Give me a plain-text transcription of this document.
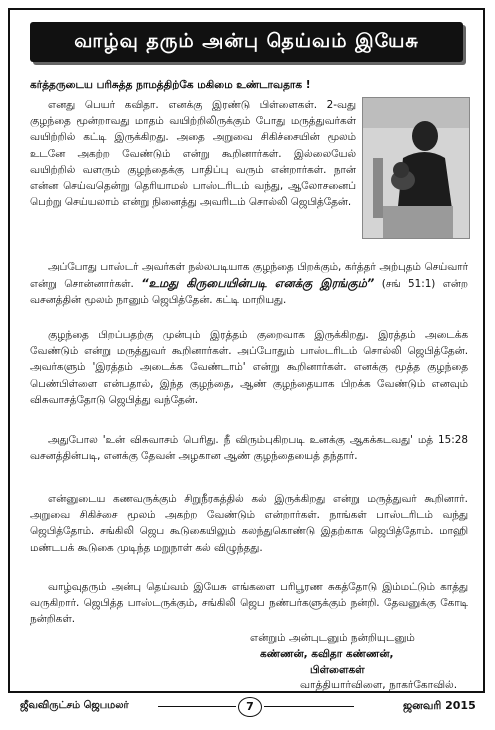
வாழ்வு தரும் அன்பு தெய்வம் இயேசு
கர்த்தருடைய பரிசுத்த நாமத்திற்கே மகிமை உண்டாவதாக !

எனது பெயர் கவிதா. எனக்கு இரண்டு பிள்ளைகள். 2-வது குழந்தை மூன்றாவது மாதம் வயிற்றிலிருக்கும் போது மருத்துவர்கள் வயிற்றில் கட்டி இருக்கிறது. அதை அறுவை சிகிச்சையின் மூலம் உடனே அகற்ற வேண்டும் என்று கூறினார்கள். இல்லையேல் வயிற்றில் வளரும் குழந்தைக்கு பாதிப்பு வரும் என்றார்கள். நான் என்ன செய்வதென்று தெரியாமல் பாஸ்டரிடம் வந்து, ஆலோசனைப் பெற்று செய்யலாம் என்று நினைத்து அவரிடம் சொல்லி ஜெபித்தேன்.

அப்போது பாஸ்டர் அவர்கள் நல்லபடியாக குழந்தை பிறக்கும், கர்த்தர் அற்புதம் செய்வார் என்று சொன்னார்கள். “உமது கிருபையின்படி எனக்கு இரங்கும்” (சங் 51:1) என்ற வசனத்தின் மூலம் நானும் ஜெபித்தேன். கட்டி மாறியது.

குழந்தை பிறப்பதற்கு முன்பும் இரத்தம் குறைவாக இருக்கிறது. இரத்தம் அடைக்க வேண்டும் என்று மருத்துவர் கூறினார்கள். அப்போதும் பாஸ்டரிடம் சொல்லி ஜெபித்தேன். அவர்களும் 'இரத்தம் அடைக்க வேண்டாம்' என்று கூறினார்கள். எனக்கு மூத்த குழந்தை பெண்பிள்ளை என்பதால், இந்த குழந்தை, ஆண் குழந்தையாக பிறக்க வேண்டும் எனவும் விசுவாசத்தோடு ஜெபித்து வந்தேன்.

அதுபோல 'உன் விசுவாசம் பெரிது. நீ விரும்புகிறபடி உனக்கு ஆகக்கடவது' மத் 15:28 வசனத்தின்படி, எனக்கு தேவன் அழகான ஆண் குழந்தையைத் தந்தார்.

என்னுடைய கணவருக்கும் சிறுநீரகத்தில் கல் இருக்கிறது என்று மருத்துவர் கூறினார். அறுவை சிகிச்சை மூலம் அகற்ற வேண்டும் என்றார்கள். நாங்கள் பாஸ்டரிடம் வந்து ஜெபித்தோம். சங்கிலி ஜெப கூடுகையிலும் கலந்துகொண்டு இதற்காக ஜெபித்தோம். மாஹி மண்டபக் கூடுகை முடிந்த மறுநாள் கல் விழுந்தது.

வாழ்வுதரும் அன்பு தெய்வம் இயேசு எங்களை பரிபூரண சுகத்தோடு இம்மட்டும் காத்து வருகிறார். ஜெபித்த பாஸ்டருக்கும், சங்கிலி ஜெப நண்பர்களுக்கும் நன்றி. தேவனுக்கு கோடி நன்றிகள்.

என்றும் அன்புடனும் நன்றியுடனும்
கண்ணன், கவிதா கண்ணன்,
பிள்ளைகள்
வாத்தியார்விளை, நாகர்கோவில்.
ஜீவவிருட்சம் ஜெபமலர்	7	ஜனவரி 2015
